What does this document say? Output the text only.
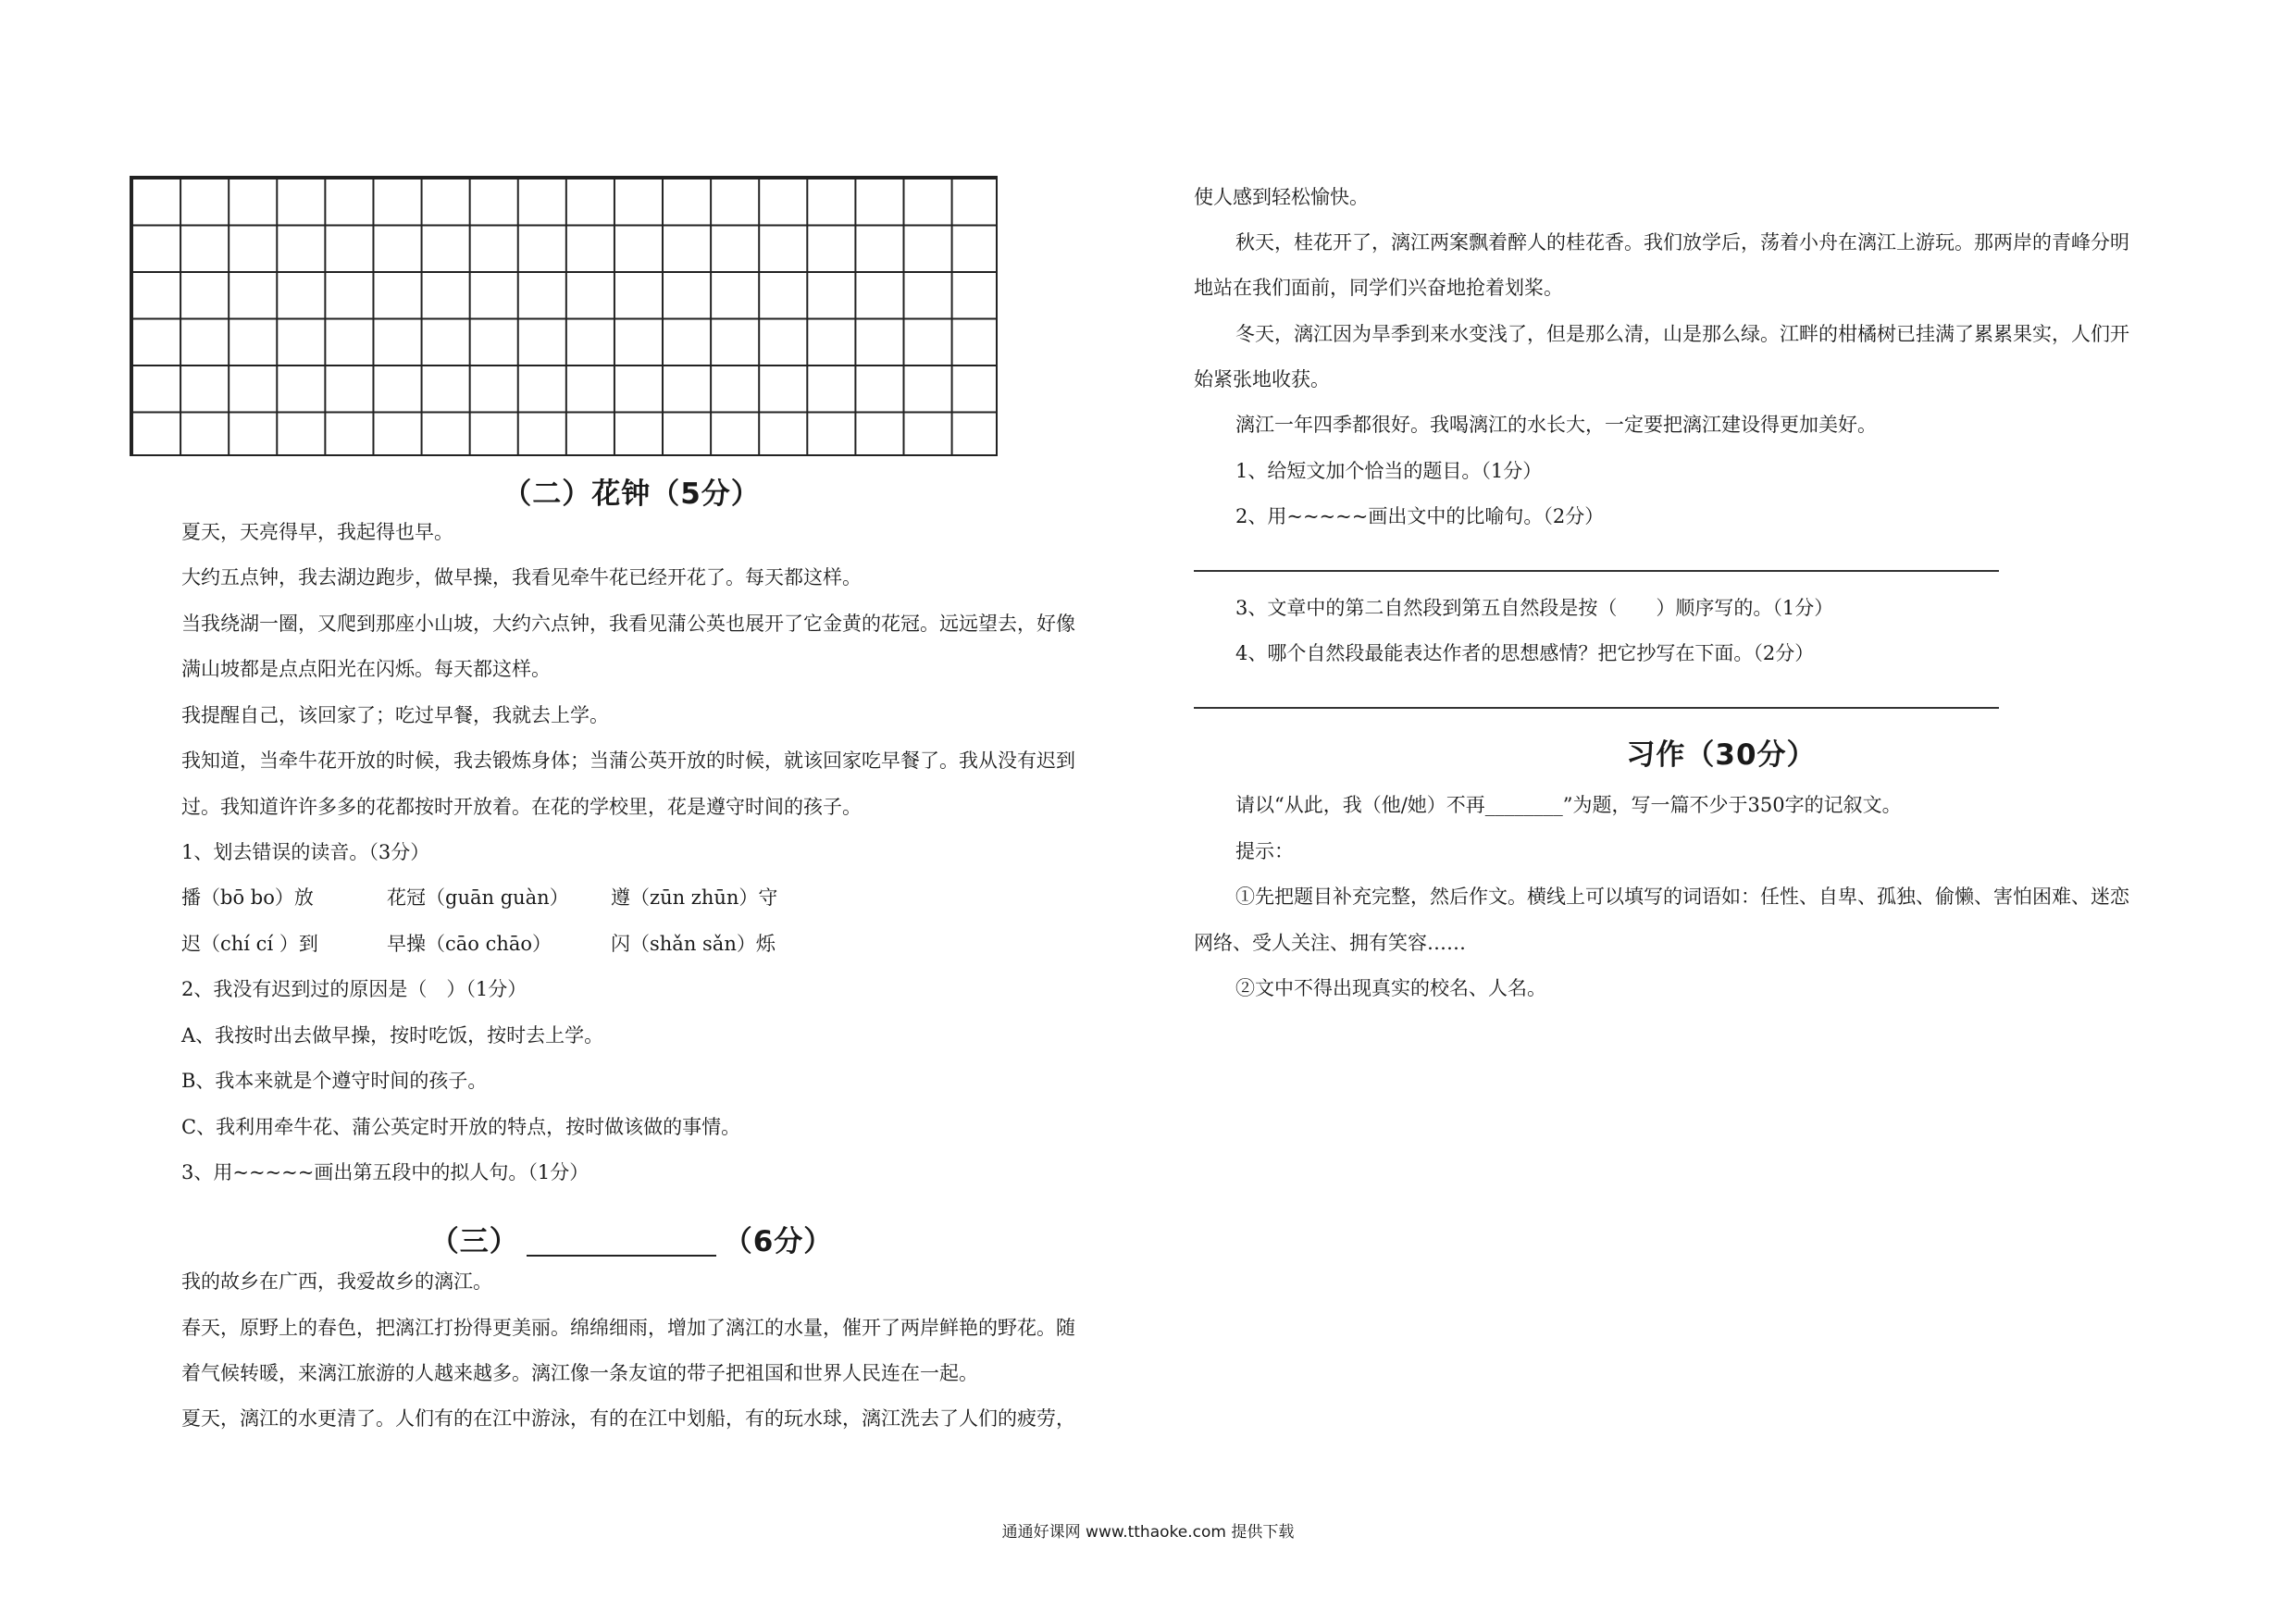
（二）花钟（5分）
夏天，天亮得早，我起得也早。
大约五点钟，我去湖边跑步，做早操，我看见牵牛花已经开花了。每天都这样。
当我绕湖一圈，又爬到那座小山坡，大约六点钟，我看见蒲公英也展开了它金黄的花冠。远远望去，好像
满山坡都是点点阳光在闪烁。每天都这样。
我提醒自己，该回家了；吃过早餐，我就去上学。
我知道，当牵牛花开放的时候，我去锻炼身体；当蒲公英开放的时候，就该回家吃早餐了。我从没有迟到
过。我知道许许多多的花都按时开放着。在花的学校里，花是遵守时间的孩子。
1、划去错误的读音。（3分）
播（bō bo）放	花冠（guān guàn） 遵（zūn zhūn）守
迟（chí cí ）到	早操（cāo chāo）	闪（shǎn sǎn）烁
2、我没有迟到过的原因是（　）（1分）
A、我按时出去做早操，按时吃饭，按时去上学。
B、我本来就是个遵守时间的孩子。
C、我利用牵牛花、蒲公英定时开放的特点，按时做该做的事情。
3、用~~~~~画出第五段中的拟人句。（1分）
（三）	（6分）
我的故乡在广西，我爱故乡的漓江。
春天，原野上的春色，把漓江打扮得更美丽。绵绵细雨，增加了漓江的水量，催开了两岸鲜艳的野花。随
着气候转暖，来漓江旅游的人越来越多。漓江像一条友谊的带子把祖国和世界人民连在一起。
夏天，漓江的水更清了。人们有的在江中游泳，有的在江中划船，有的玩水球，漓江洗去了人们的疲劳，
使人感到轻松愉快。
秋天，桂花开了，漓江两案飘着醉人的桂花香。我们放学后，荡着小舟在漓江上游玩。那两岸的青峰分明
地站在我们面前，同学们兴奋地抢着划桨。
冬天，漓江因为旱季到来水变浅了，但是那么清，山是那么绿。江畔的柑橘树已挂满了累累果实，人们开
始紧张地收获。
漓江一年四季都很好。我喝漓江的水长大，一定要把漓江建设得更加美好。
1、给短文加个恰当的题目。（1分）
2、用~~~~~画出文中的比喻句。（2分）
3、文章中的第二自然段到第五自然段是按（　　）顺序写的。（1分）
4、哪个自然段最能表达作者的思想感情？把它抄写在下面。（2分）
习作（30分）
请以“从此，我（他/她）不再________”为题，写一篇不少于350字的记叙文。
提示：
①先把题目补充完整，然后作文。横线上可以填写的词语如：任性、自卑、孤独、偷懒、害怕困难、迷恋
网络、受人关注、拥有笑容……
②文中不得出现真实的校名、人名。
通通好课网 www.tthaoke.com 提供下载
